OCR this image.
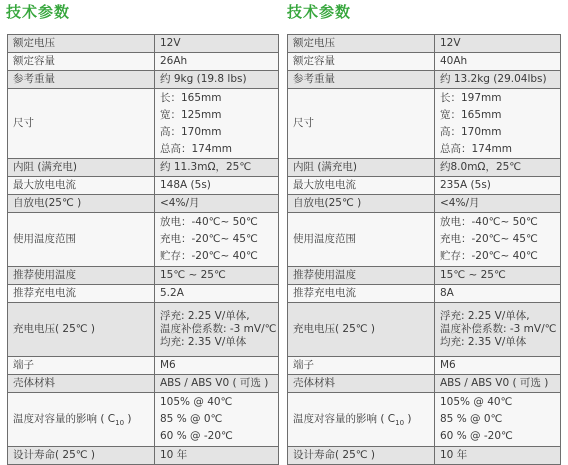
技术参数
额定电压	12V

额定容量	26Ah

参考重量	约 9kg (19.8 lbs)

尺寸	长：165mm
宽：125mm
高：170mm
总高：174mm

内阻 (满充电)	约 11.3mΩ，25℃

最大放电电流	148A (5s)

自放电(25℃ )	<4%/月

使用温度范围	放电：-40℃~ 50℃
充电：-20℃~ 45℃
贮存：-20℃~ 40℃

推荐使用温度	15℃ ~ 25℃

推荐充电电流	5.2A

充电电压( 25℃ )	浮充: 2.25 V/单体,
温度补偿系数: -3 mV/℃
均充: 2.35 V/单体

端子	M6

壳体材料	ABS / ABS V0 ( 可选 )

温度对容量的影响 ( $C_{10}$ )	105% @ 40℃
85 % @ 0℃
60 % @ -20℃

设计寿命( 25℃ )	10 年
技术参数
额定电压	12V

额定容量	40Ah

参考重量	约 13.2kg (29.04lbs)

尺寸	长：197mm
宽：165mm
高：170mm
总高：174mm

内阻 (满充电)	约8.0mΩ，25℃

最大放电电流	235A (5s)

自放电(25℃ )	<4%/月

使用温度范围	放电：-40℃~ 50℃
充电：-20℃~ 45℃
贮存：-20℃~ 40℃

推荐使用温度	15℃ ~ 25℃

推荐充电电流	8A

充电电压( 25℃ )	浮充: 2.25 V/单体,
温度补偿系数: -3 mV/℃
均充: 2.35 V/单体

端子	M6

壳体材料	ABS / ABS V0 ( 可选 )

温度对容量的影响 ( $C_{10}$ )	105% @ 40℃
85 % @ 0℃
60 % @ -20℃

设计寿命( 25℃ )	10 年
